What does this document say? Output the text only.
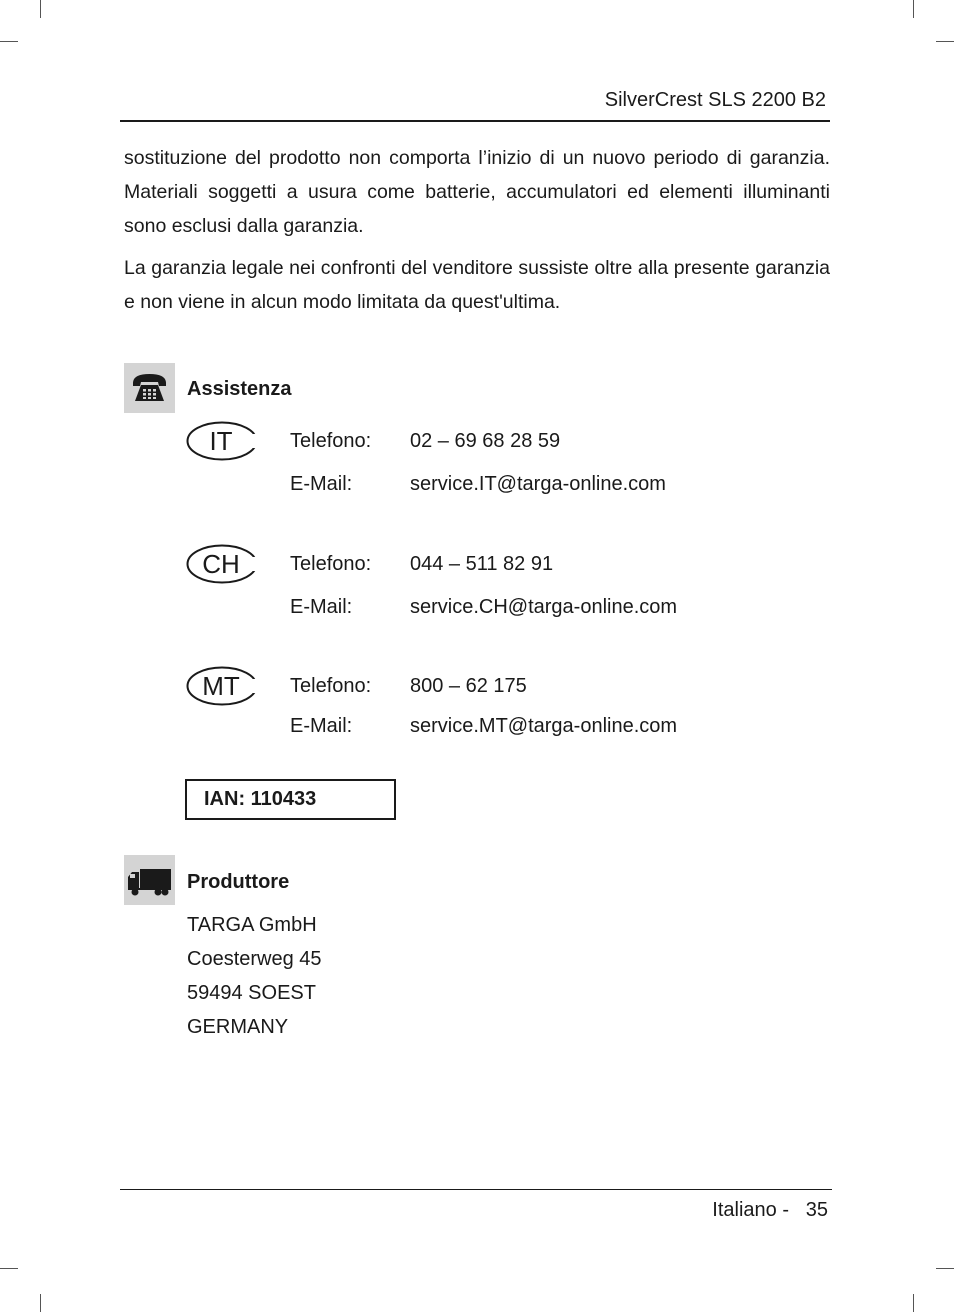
SilverCrest SLS 2200 B2

sostituzione del prodotto non comporta l’inizio di un nuovo periodo di garanzia. Materiali soggetti a usura come batterie, accumulatori ed elementi illuminanti sono esclusi dalla garanzia.

La garanzia legale nei confronti del venditore sussiste oltre alla presente garanzia e non viene in alcun modo limitata da quest'ultima.

Assistenza
IT	Telefono: 02 – 69 68 28 59
E-Mail:	service.IT@targa-online.com
CH	Telefono: 044 – 511 82 91
E-Mail:	service.CH@targa-online.com
MT	Telefono: 800 – 62 175
E-Mail:	service.MT@targa-online.com
IAN: 110433
Produttore
TARGA GmbH
Coesterweg 45
59494 SOEST
GERMANY
Italiano - 35
